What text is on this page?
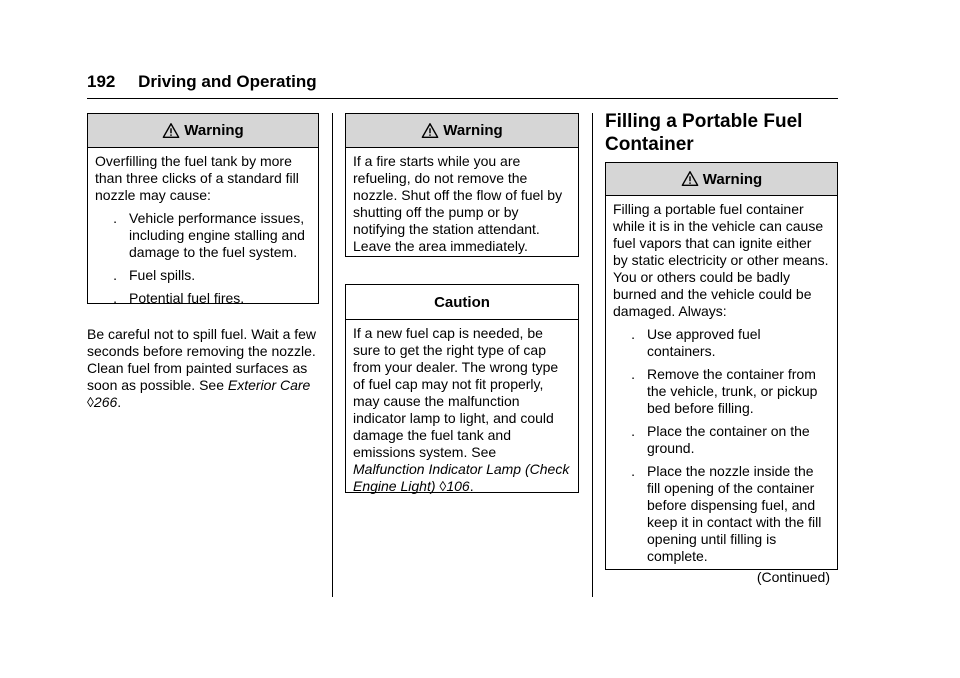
192 Driving and Operating
Warning

Overfilling the fuel tank by more than three clicks of a standard fill nozzle may cause:

. Vehicle performance issues, including engine stalling and damage to the fuel system.
. Fuel spills.
. Potential fuel fires.
Be careful not to spill fuel. Wait a few seconds before removing the nozzle. Clean fuel from painted surfaces as soon as possible. See Exterior Care ◊266.
Warning

If a fire starts while you are refueling, do not remove the nozzle. Shut off the flow of fuel by shutting off the pump or by notifying the station attendant. Leave the area immediately.

Caution

If a new fuel cap is needed, be sure to get the right type of cap from your dealer. The wrong type of fuel cap may not fit properly, may cause the malfunction indicator lamp to light, and could damage the fuel tank and emissions system. See Malfunction Indicator Lamp (Check Engine Light) ◊106.

Filling a Portable Fuel Container
Warning

Filling a portable fuel container while it is in the vehicle can cause fuel vapors that can ignite either by static electricity or other means. You or others could be badly burned and the vehicle could be damaged. Always:

. Use approved fuel containers.
. Remove the container from the vehicle, trunk, or pickup bed before filling.
. Place the container on the ground.
. Place the nozzle inside the fill opening of the container before dispensing fuel, and keep it in contact with the fill opening until filling is complete.
(Continued)
